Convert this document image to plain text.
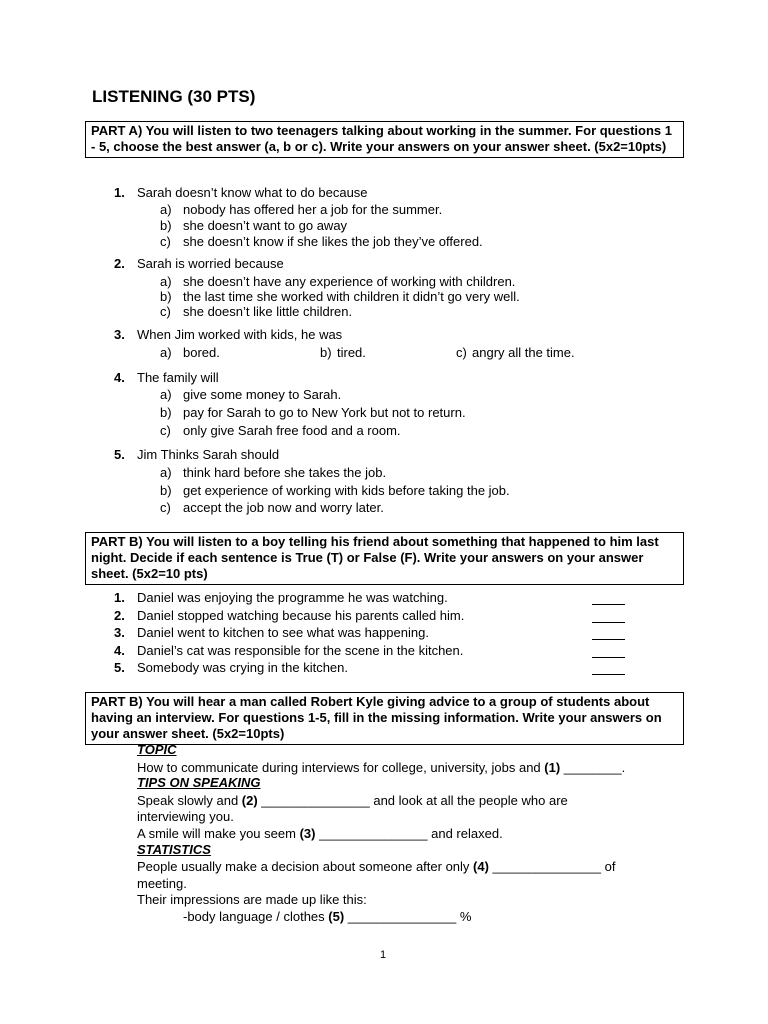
LISTENING (30 PTS)
PART A) You will listen to two teenagers talking about working in the summer. For questions 1 - 5, choose the best answer (a, b or c). Write your answers on your answer sheet. (5x2=10pts)
1. Sarah doesn’t know what to do because
a) nobody has offered her a job for the summer.
b) she doesn’t want to go away
c) she doesn’t know if she likes the job they’ve offered.
2. Sarah is worried because
a) she doesn’t have any experience of working with children.
b) the last time she worked with children it didn’t go very well.
c) she doesn’t like little children.
3. When Jim worked with kids, he was
a) bored.	b) tired.	c) angry all the time.
4. The family will
a) give some money to Sarah.
b) pay for Sarah to go to New York but not to return.
c) only give Sarah free food and a room.
5. Jim Thinks Sarah should
a) think hard before she takes the job.
b) get experience of working with kids before taking the job.
c) accept the job now and worry later.
PART B) You will listen to a boy telling his friend about something that happened to him last night. Decide if each sentence is True (T) or False (F). Write your answers on your answer sheet. (5x2=10 pts)
1. Daniel was enjoying the programme he was watching.
2. Daniel stopped watching because his parents called him.
3. Daniel went to kitchen to see what was happening.
4. Daniel’s cat was responsible for the scene in the kitchen.
5. Somebody was crying in the kitchen.
PART B) You will hear a man called Robert Kyle giving advice to a group of students about having an interview. For questions 1-5, fill in the missing information. Write your answers on your answer sheet. (5x2=10pts)
TOPIC
How to communicate during interviews for college, university, jobs and (1) ________.
TIPS ON SPEAKING
Speak slowly and (2) _______________ and look at all the people who are
interviewing you.
A smile will make you seem (3) _______________ and relaxed.
STATISTICS
People usually make a decision about someone after only (4) _______________ of
meeting.
Their impressions are made up like this:
-body language / clothes (5) _______________ %
1
